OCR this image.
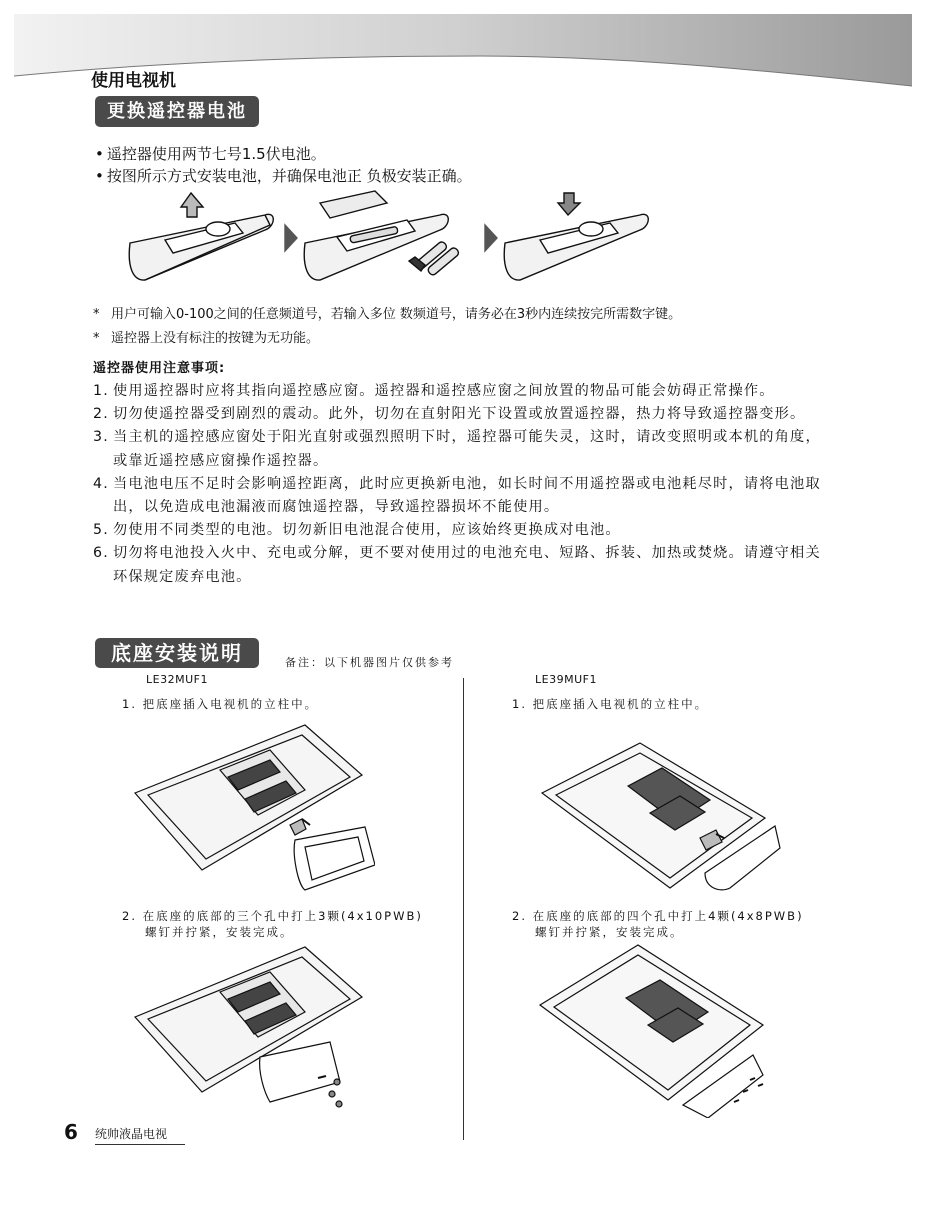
使用电视机
更换遥控器电池
• 遥控器使用两节七号1.5伏电池。
• 按图所示方式安装电池，并确保电池正 负极安装正确。
* 用户可输入0-100之间的任意频道号，若输入多位 数频道号，请务必在3秒内连续按完所需数字键。
* 遥控器上没有标注的按键为无功能。
遥控器使用注意事项:
1. 使用遥控器时应将其指向遥控感应窗。遥控器和遥控感应窗之间放置的物品可能会妨碍正常操作。
2. 切勿使遥控器受到剧烈的震动。此外，切勿在直射阳光下设置或放置遥控器，热力将导致遥控器变形。
3. 当主机的遥控感应窗处于阳光直射或强烈照明下时，遥控器可能失灵，这时，请改变照明或本机的角度，或靠近遥控感应窗操作遥控器。
4. 当电池电压不足时会影响遥控距离，此时应更换新电池，如长时间不用遥控器或电池耗尽时，请将电池取出，以免造成电池漏液而腐蚀遥控器，导致遥控器损坏不能使用。
5. 勿使用不同类型的电池。切勿新旧电池混合使用，应该始终更换成对电池。
6. 切勿将电池投入火中、充电或分解，更不要对使用过的电池充电、短路、拆装、加热或焚烧。请遵守相关环保规定废弃电池。
底座安装说明	备注：以下机器图片仅供参考
LE32MUF1
1. 把底座插入电视机的立柱中。
2. 在底座的底部的三个孔中打上3颗(4x10PWB)
螺钉并拧紧，安装完成。
LE39MUF1
1. 把底座插入电视机的立柱中。
2. 在底座的底部的四个孔中打上4颗(4x8PWB)
螺钉并拧紧，安装完成。
6 统帅液晶电视
